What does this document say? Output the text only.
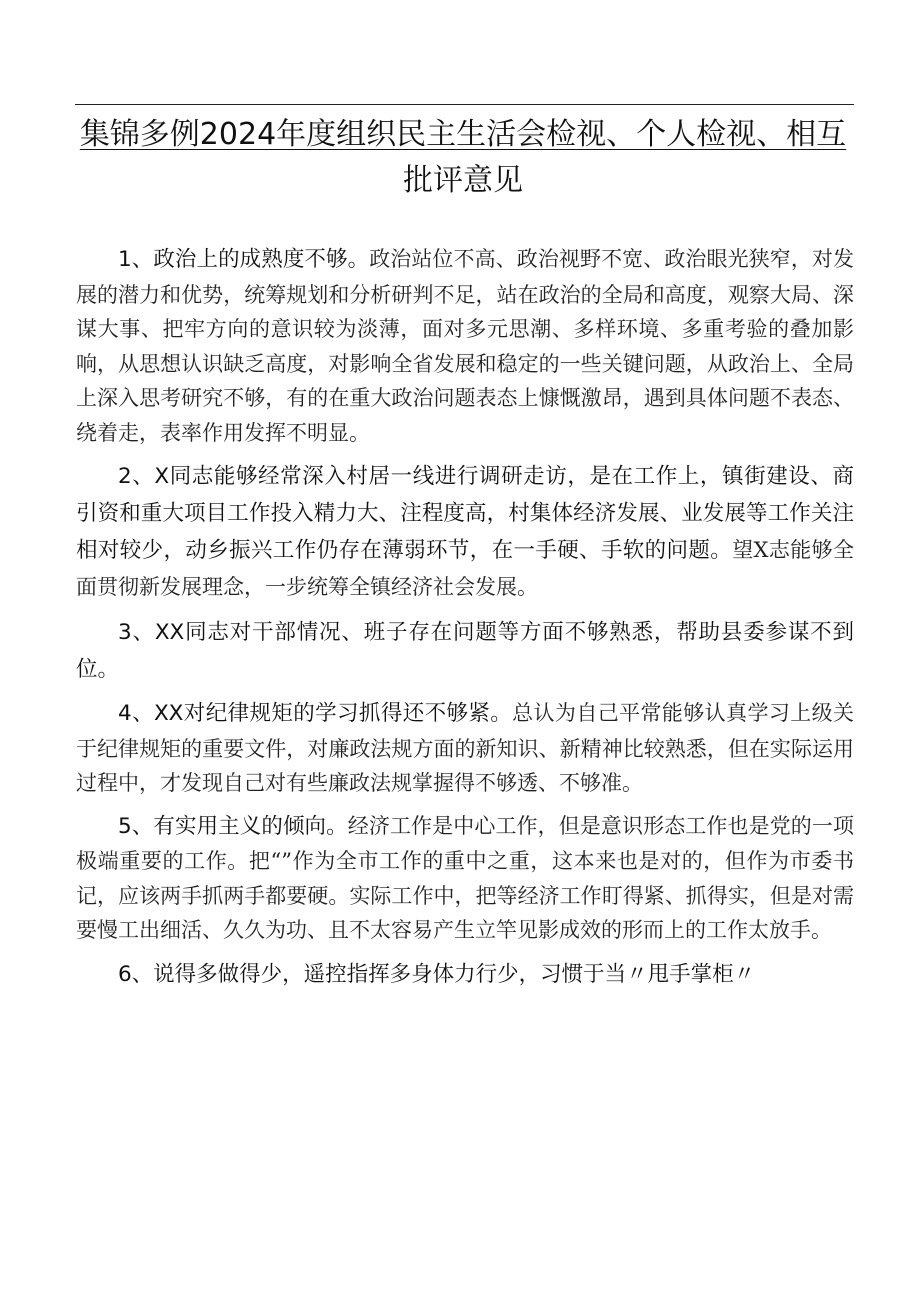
集锦多例2024年度组织民主生活会检视、个人检视、相互
批评意见

1、政治上的成熟度不够。政治站位不高、政治视野不宽、政治眼光狭窄，对发展的潜力和优势，统筹规划和分析研判不足，站在政治的全局和高度，观察大局、深谋大事、把牢方向的意识较为淡薄，面对多元思潮、多样环境、多重考验的叠加影响，从思想认识缺乏高度，对影响全省发展和稳定的一些关键问题，从政治上、全局上深入思考研究不够，有的在重大政治问题表态上慷慨激昂，遇到具体问题不表态、绕着走，表率作用发挥不明显。

2、X同志能够经常深入村居一线进行调研走访，是在工作上，镇街建设、商引资和重大项目工作投入精力大、注程度高，村集体经济发展、业发展等工作关注相对较少，动乡振兴工作仍存在薄弱环节，在一手硬、手软的问题。望X志能够全面贯彻新发展理念，一步统筹全镇经济社会发展。

3、XX同志对干部情况、班子存在问题等方面不够熟悉，帮助县委参谋不到位。

4、XX对纪律规矩的学习抓得还不够紧。总认为自己平常能够认真学习上级关于纪律规矩的重要文件，对廉政法规方面的新知识、新精神比较熟悉，但在实际运用过程中，才发现自己对有些廉政法规掌握得不够透、不够准。

5、有实用主义的倾向。经济工作是中心工作，但是意识形态工作也是党的一项极端重要的工作。把“”作为全市工作的重中之重，这本来也是对的，但作为市委书记，应该两手抓两手都要硬。实际工作中，把等经济工作盯得紧、抓得实，但是对需要慢工出细活、久久为功、且不太容易产生立竿见影成效的形而上的工作太放手。

6、说得多做得少，遥控指挥多身体力行少，习惯于当〃甩手掌柜〃
